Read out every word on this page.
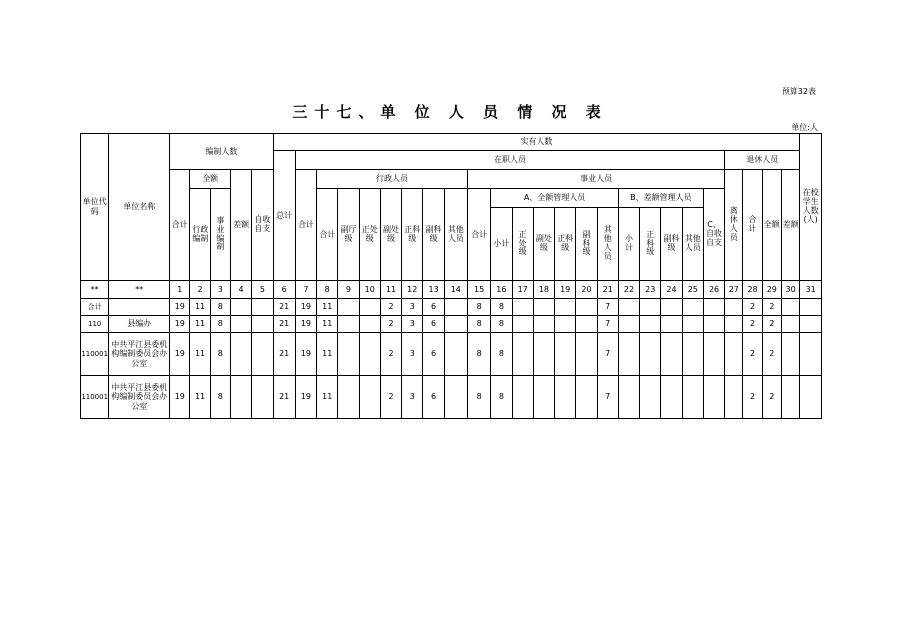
预算32表
三十七、单 位 人 员 情 况 表
单位:人
单位代码	单位名称	编制人数					实有人数																									在校学生人数(人)
							总计	在职人员																				退休人员				
		合计	全额		差额	自收自支		合计	行政人员							事业人员												离休人员	合计	全额	差额	
			行政编制	事业编制					合计	副厅级	正处级	副处级	正科级	副科级	其他人员	合计	A、全额管理人员						B、差额管理人员				C、自收自支					
																	小计	正处级	副处级	正科级	副科级	其他人员	小计	正科级	副科级	其他人员						
**	**	1	2	3	4	5	6	7	8	9	10	11	12	13	14	15	16	17	18	19	20	21	22	23	24	25	26	27	28	29	30	31
合计		19	11	8			21	19	11			2	3	6		8	8					7							2	2		
110	县编办	19	11	8			21	19	11			2	3	6		8	8					7							2	2		
110001	中共平江县委机构编制委员会办公室	19	11	8			21	19	11			2	3	6		8	8					7							2	2		
110001	中共平江县委机构编制委员会办公室	19	11	8			21	19	11			2	3	6		8	8					7							2	2		
